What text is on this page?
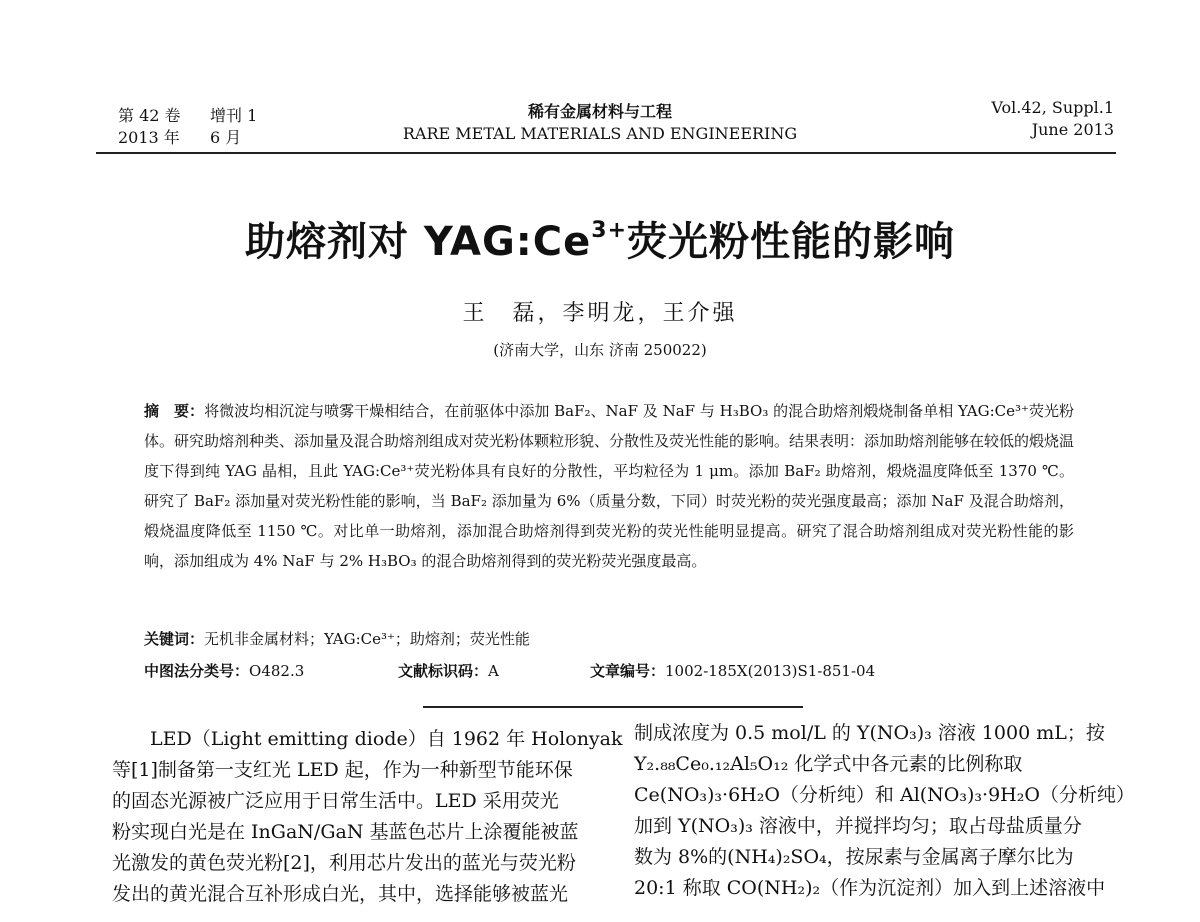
第 42 卷 增刊 1
2013 年 6 月
稀有金属材料与工程
RARE METAL MATERIALS AND ENGINEERING
Vol.42, Suppl.1
June 2013
助熔剂对 $YAG:Ce^{3+}$荧光粉性能的影响
王　磊，李明龙，王介强
(济南大学，山东 济南 250022)
摘　要：将微波均相沉淀与喷雾干燥相结合，在前驱体中添加 BaF₂、NaF 及 NaF 与 H₃BO₃ 的混合助熔剂煅烧制备单相 YAG:Ce³⁺荧光粉体。研究助熔剂种类、添加量及混合助熔剂组成对荧光粉体颗粒形貌、分散性及荧光性能的影响。结果表明：添加助熔剂能够在较低的煅烧温度下得到纯 YAG 晶相，且此 YAG:Ce³⁺荧光粉体具有良好的分散性，平均粒径为 1 μm。添加 BaF₂ 助熔剂，煅烧温度降低至 1370 ℃。研究了 BaF₂ 添加量对荧光粉性能的影响，当 BaF₂ 添加量为 6%（质量分数，下同）时荧光粉的荧光强度最高；添加 NaF 及混合助熔剂，煅烧温度降低至 1150 ℃。对比单一助熔剂，添加混合助熔剂得到荧光粉的荧光性能明显提高。研究了混合助熔剂组成对荧光粉性能的影响，添加组成为 4% NaF 与 2% H₃BO₃ 的混合助熔剂得到的荧光粉荧光强度最高。
关键词：无机非金属材料；YAG:Ce³⁺；助熔剂；荧光性能
中图法分类号：O482.3	文献标识码：A	文章编号：1002-185X(2013)S1-851-04

LED（Light emitting diode）自 1962 年 Holonyak

等[1]制备第一支红光 LED 起，作为一种新型节能环保

的固态光源被广泛应用于日常生活中。LED 采用荧光

粉实现白光是在 InGaN/GaN 基蓝色芯片上涂覆能被蓝

光激发的黄色荧光粉[2]，利用芯片发出的蓝光与荧光粉

发出的黄光混合互补形成白光，其中，选择能够被蓝光

制成浓度为 0.5 mol/L 的 Y(NO₃)₃ 溶液 1000 mL；按

Y₂.₈₈Ce₀.₁₂Al₅O₁₂ 化学式中各元素的比例称取

Ce(NO₃)₃·6H₂O（分析纯）和 Al(NO₃)₃·9H₂O（分析纯）

加到 Y(NO₃)₃ 溶液中，并搅拌均匀；取占母盐质量分

数为 8%的(NH₄)₂SO₄，按尿素与金属离子摩尔比为

20:1 称取 CO(NH₂)₂（作为沉淀剂）加入到上述溶液中
